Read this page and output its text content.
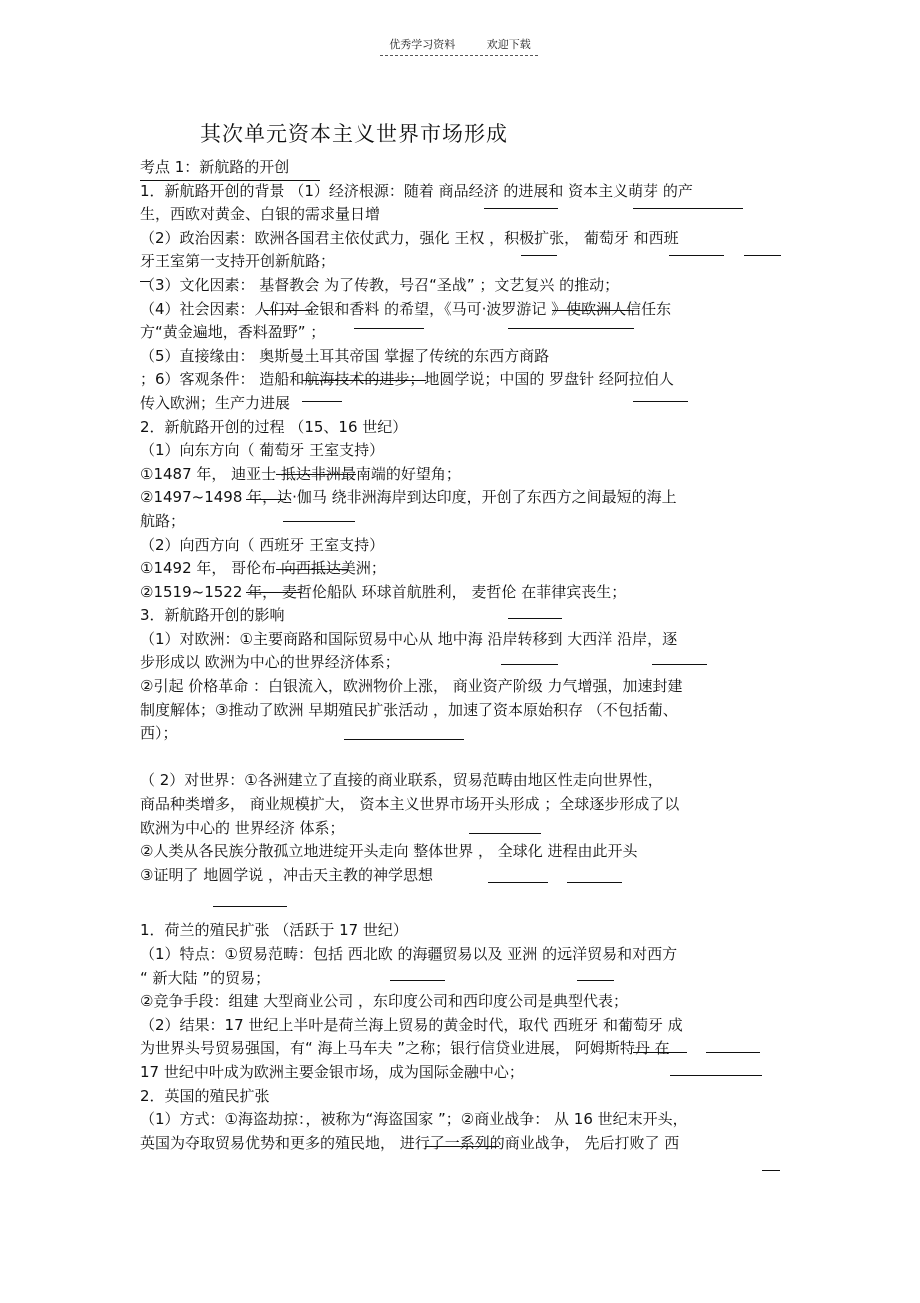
优秀学习资料	欢迎下载
其次单元资本主义世界市场形成
考点 1：新航路的开创
1．新航路开创的背景 （1）经济根源：随着 商品经济 的进展和 资本主义萌芽 的产
生，西欧对黄金、白银的需求量日增
（2）政治因素：欧洲各国君主依仗武力，强化 王权 ，积极扩张， 葡萄牙 和西班
牙王室第一支持开创新航路；
（3）文化因素： 基督教会 为了传教，号召“圣战” ；文艺复兴 的推动；
（4）社会因素：人们对 金银和香料 的希望，《马可·波罗游记 》使欧洲人信任东
方“黄金遍地，香料盈野” ；
（5）直接缘由： 奥斯曼土耳其帝国 掌握了传统的东西方商路
；6）客观条件： 造船和航海技术的进步；地圆学说；中国的 罗盘针 经阿拉伯人
传入欧洲；生产力进展
2．新航路开创的过程 （15、16 世纪）
（1）向东方向（ 葡萄牙 王室支持）
①1487 年， 迪亚士 抵达非洲最南端的好望角；
②1497~1498 年，达·伽马 绕非洲海岸到达印度，开创了东西方之间最短的海上
航路；
（2）向西方向（ 西班牙 王室支持）
①1492 年， 哥伦布 向西抵达美洲；
②1519~1522 年， 麦哲伦船队 环球首航胜利， 麦哲伦 在菲律宾丧生；
3．新航路开创的影响
（1）对欧洲：①主要商路和国际贸易中心从 地中海 沿岸转移到 大西洋 沿岸，逐
步形成以 欧洲为中心的世界经济体系；
②引起 价格革命 ：白银流入，欧洲物价上涨， 商业资产阶级 力气增强，加速封建
制度解体；③推动了欧洲 早期殖民扩张活动 ，加速了资本原始积存 （不包括葡、
西）；
（ 2）对世界：①各洲建立了直接的商业联系，贸易范畴由地区性走向世界性，
商品种类增多， 商业规模扩大， 资本主义世界市场开头形成 ；全球逐步形成了以
欧洲为中心的 世界经济 体系；
②人类从各民族分散孤立地进绽开头走向 整体世界 ， 全球化 进程由此开头
③证明了 地圆学说 ，冲击天主教的神学思想
1．荷兰的殖民扩张 （活跃于 17 世纪）
（1）特点：①贸易范畴：包括 西北欧 的海疆贸易以及 亚洲 的远洋贸易和对西方
“ 新大陆 ”的贸易；
②竞争手段：组建 大型商业公司 ，东印度公司和西印度公司是典型代表；
（2）结果：17 世纪上半叶是荷兰海上贸易的黄金时代，取代 西班牙 和葡萄牙 成
为世界头号贸易强国，有“ 海上马车夫 ”之称；银行信贷业进展， 阿姆斯特丹 在
17 世纪中叶成为欧洲主要金银市场，成为国际金融中心；
2．英国的殖民扩张
（1）方式：①海盗劫掠：，被称为“海盗国家 ”；②商业战争： 从 16 世纪末开头，
英国为夺取贸易优势和更多的殖民地， 进行了一系列的商业战争， 先后打败了 西
